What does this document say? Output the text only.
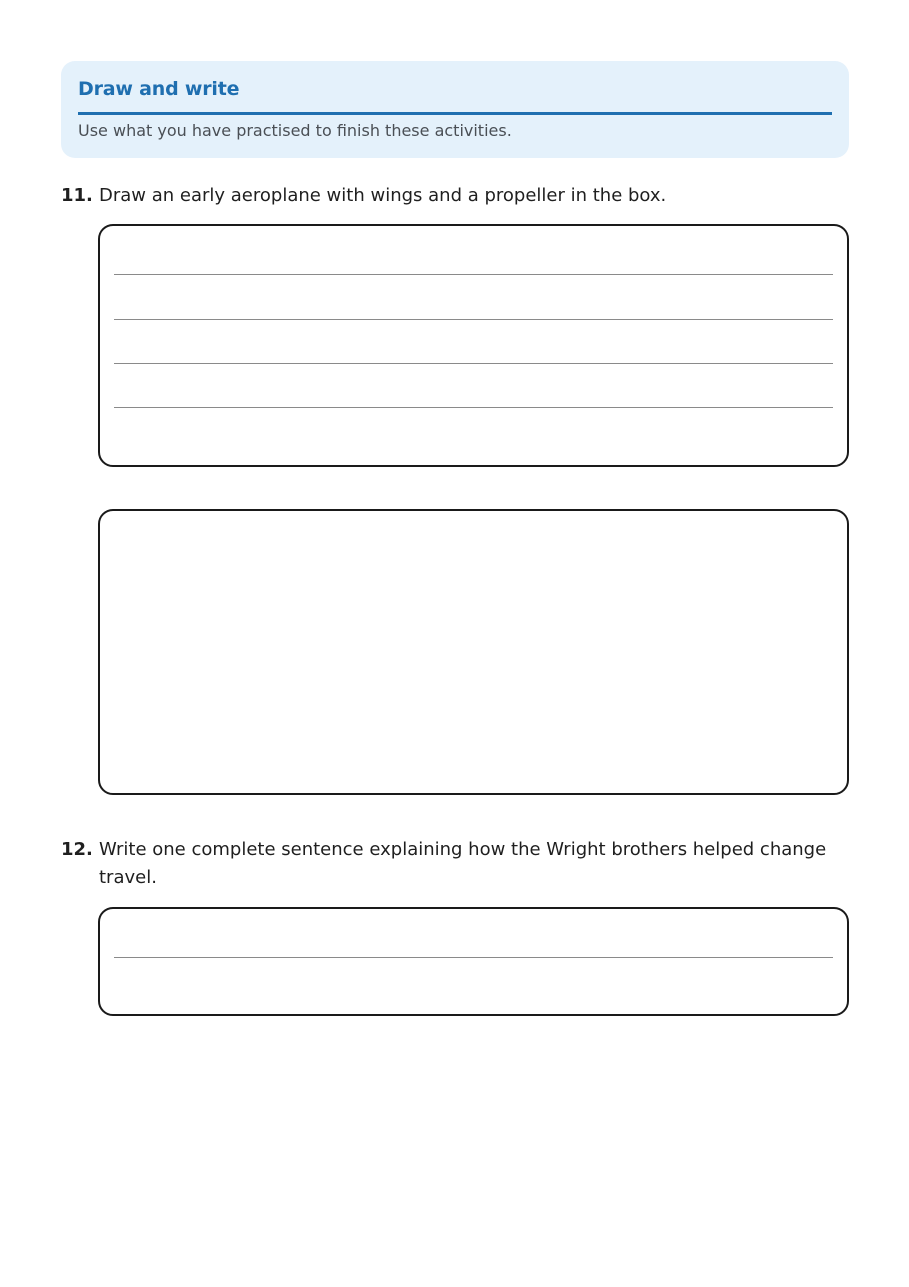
Draw and write
Use what you have practised to finish these activities.
11. Draw an early aeroplane with wings and a propeller in the box.
12. Write one complete sentence explaining how the Wright brothers helped change travel.
